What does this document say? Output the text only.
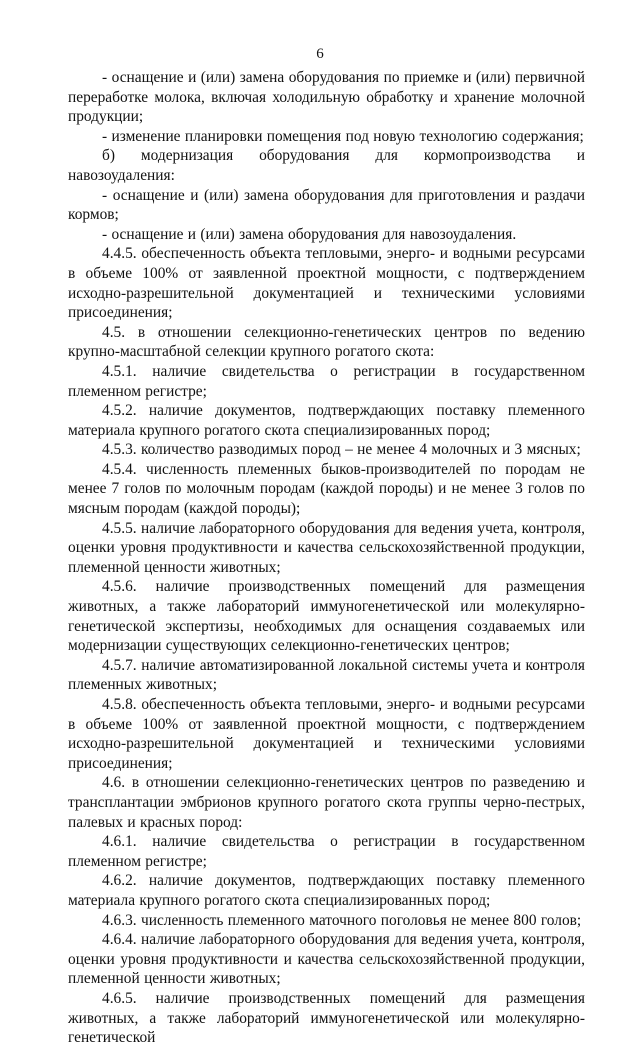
6

- оснащение и (или) замена оборудования по приемке и (или) первичной переработке молока, включая холодильную обработку и хранение молочной продукции;

- изменение планировки помещения под новую технологию содержания;

б) модернизация оборудования для кормопроизводства и навозоудаления:

- оснащение и (или) замена оборудования для приготовления и раздачи кормов;

- оснащение и (или) замена оборудования для навозоудаления.

4.4.5. обеспеченность объекта тепловыми, энерго- и водными ресурсами в объеме 100% от заявленной проектной мощности, с подтверждением исходно-разрешительной документацией и техническими условиями присоединения;

4.5. в отношении селекционно-генетических центров по ведению крупно-масштабной селекции крупного рогатого скота:

4.5.1. наличие свидетельства о регистрации в государственном племенном регистре;

4.5.2. наличие документов, подтверждающих поставку племенного материала крупного рогатого скота специализированных пород;

4.5.3. количество разводимых пород – не менее 4 молочных и 3 мясных;

4.5.4. численность племенных быков-производителей по породам не менее 7 голов по молочным породам (каждой породы) и не менее 3 голов по мясным породам (каждой породы);

4.5.5. наличие лабораторного оборудования для ведения учета, контроля, оценки уровня продуктивности и качества сельскохозяйственной продукции, племенной ценности животных;

4.5.6. наличие производственных помещений для размещения животных, а также лабораторий иммуногенетической или молекулярно-генетической экспертизы, необходимых для оснащения создаваемых или модернизации существующих селекционно-генетических центров;

4.5.7. наличие автоматизированной локальной системы учета и контроля племенных животных;

4.5.8. обеспеченность объекта тепловыми, энерго- и водными ресурсами в объеме 100% от заявленной проектной мощности, с подтверждением исходно-разрешительной документацией и техническими условиями присоединения;

4.6. в отношении селекционно-генетических центров по разведению и трансплантации эмбрионов крупного рогатого скота группы черно-пестрых, палевых и красных пород:

4.6.1. наличие свидетельства о регистрации в государственном племенном регистре;

4.6.2. наличие документов, подтверждающих поставку племенного материала крупного рогатого скота специализированных пород;

4.6.3. численность племенного маточного поголовья не менее 800 голов;

4.6.4. наличие лабораторного оборудования для ведения учета, контроля, оценки уровня продуктивности и качества сельскохозяйственной продукции, племенной ценности животных;

4.6.5. наличие производственных помещений для размещения животных, а также лабораторий иммуногенетической или молекулярно-генетической
